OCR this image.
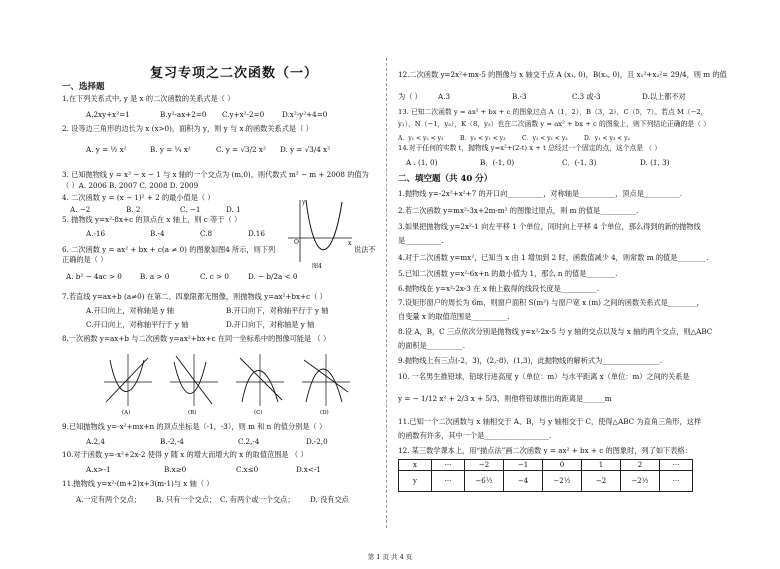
复习专项之二次函数（一）
一、选择题
1.在下列关系式中, y 是 x 的二次函数的关系式是（ ）
A.2xy+x²=1	B.y²-ax+2=0 C.y+x²-2=0 D.x²-y²+4=0
2. 设等边三角形的边长为 x (x>0)，面积为 y，则 y 与 x 的函数关系式是（ ）
A. y = ½ x²	B. y = ¼ x²	C. y = √3/2 x² D. y = √3/4 x²
3. 已知抛物线 y = x² − x − 1 与 x 轴的一个交点为 (m,0)，则代数式 m² − m + 2008 的值为
（ ）A. 2006 B. 2007 C. 2008 D. 2009
4. 二次函数 y = (x − 1)² + 2 的最小值是（ ）
A. −2	B. 2	C. −1	D. 1
5. 抛物线 y=x²-8x+c 的顶点在 x 轴上，则 c 等于（ ）
A.-16	B.-4	C.8	D.16
6. 二次函数 y = ax² + bx + c(a ≠ 0) 的图象如图4 所示，则下列	说法不
正确的是（ ）
A. b² − 4ac > 0	B. a > 0	C. c > 0	D. − b/2a < 0
O	x
y
图4
7.若直线 y=ax+b (a≠0) 在第二、四象限都无图像，则抛物线 y=ax²+bx+c（ ）
A.开口向上，对称轴是 y 轴	B.开口向下，对称轴平行于 y 轴
C.开口向上，对称轴平行于 y 轴	D.开口向下，对称轴是 y 轴
8.一次函数 y=ax+b 与二次函数 y=ax²+bx+c 在同一坐标系中的图像可能是 （ ）
(A)	(B)	(C)	(D)
9.已知抛物线 y=-x²+mx+n 的顶点坐标是（-1，-3），则 m 和 n 的值分别是（ ）
A.2,4	B.-2,-4	C.2,-4	D.-2,0
10.对于函数 y=-x²+2x-2 使得 y 随 x 的增大而增大的 x 的取值范围是 （ ）
A.x>-1	B.x≥0	C.x≤0	D.x<-1
11.抛物线 y=x²-(m+2)x+3(m-1)与 x 轴（ ）
A.一定有两个交点； B. 只有一个交点； C. 有两个或一个交点； D. 没有交点
12.二次函数 y=2x²+mx-5 的图像与 x 轴交于点 A (x₁, 0)，B(x₂, 0)，且 x₁²+x₂²= 29/4，则 m 的值
为（ ） A.3	B.-3	C.3 或-3	D.以上都不对
13. 已知二次函数 y = ax² + bx + c 的图象过点 A（1，2），B（3，2），C（5，7）。若点 M（−2，
y₁），N（−1，y₂），K（8，y₃）也在二次函数 y = ax² + bx + c 的图象上，则下列结论正确的是（ ）
A．y₁ < y₂ < y₃	B．y₂ < y₁ < y₃	C．y₃ < y₁ < y₂	D．y₁ < y₃ < y₂
14.对于任何的实数 t，抛物线 y=x²+(2-t) x + t 总经过一个固定的点，这个点是 （ ）
A . (1, 0)	B．(-1, 0)	C．(-1, 3)	D. (1, 3)
二、填空题（共 40 分）
1.抛物线 y=-2x²+x²+7 的开口向__________，对称轴是__________，顶点是__________.
2.若二次函数 y=mx²-3x+2m-m² 的图像过原点，则 m 的值是__________.
3.如果把抛物线 y=2x²-1 向左平移 1 个单位，同时向上平移 4 个单位，那么得到的新的抛物线
是__________.
4.对于二次函数 y=mx²，已知当 x 由 1 增加到 2 时，函数值减少 4，则常数 m 的值是________.
5.已知二次函数 y=x²-6x+n 的最小值为 1，那么 n 的值是________.
6.抛物线在 y=x²-2x-3 在 x 轴上截得的线段长度是__________.
7.设矩形窗户的周长为 6m，则窗户面积 S(m²) 与窗户宽 x (m) 之间的函数关系式是________，
自变量 x 的取值范围是__________.
8.设 A，B，C 三点依次分别是抛物线 y=x²-2x-5 与 y 轴的交点以及与 x 轴的两个交点，则△ABC
的面积是__________.
9.抛物线上有三点(-2，3)，(2,-8)，(1,3)，此抛物线的解析式为________________.
10. 一名男生推铅球，铅球行进高度 y（单位：m）与水平距离 x（单位：m）之间的关系是
y = − 1/12 x² + 2/3 x + 5/3，则他将铅球推出的距离是______m
11.已知一个二次函数与 x 轴相交于 A、B，与 y 轴相交于 C，使得△ABC 为直角三角形，这样
的函数有许多，其中一个是__________________.
12. 某三数学课本上，用“描点法”画二次函数 y = ax² + bx + c 的图象时，列了如下表格：
x	···	−2	−1	0	1	2	···
y	···	−6½	−4	−2½	−2	−2½	···
第 1 页 共 4 页
